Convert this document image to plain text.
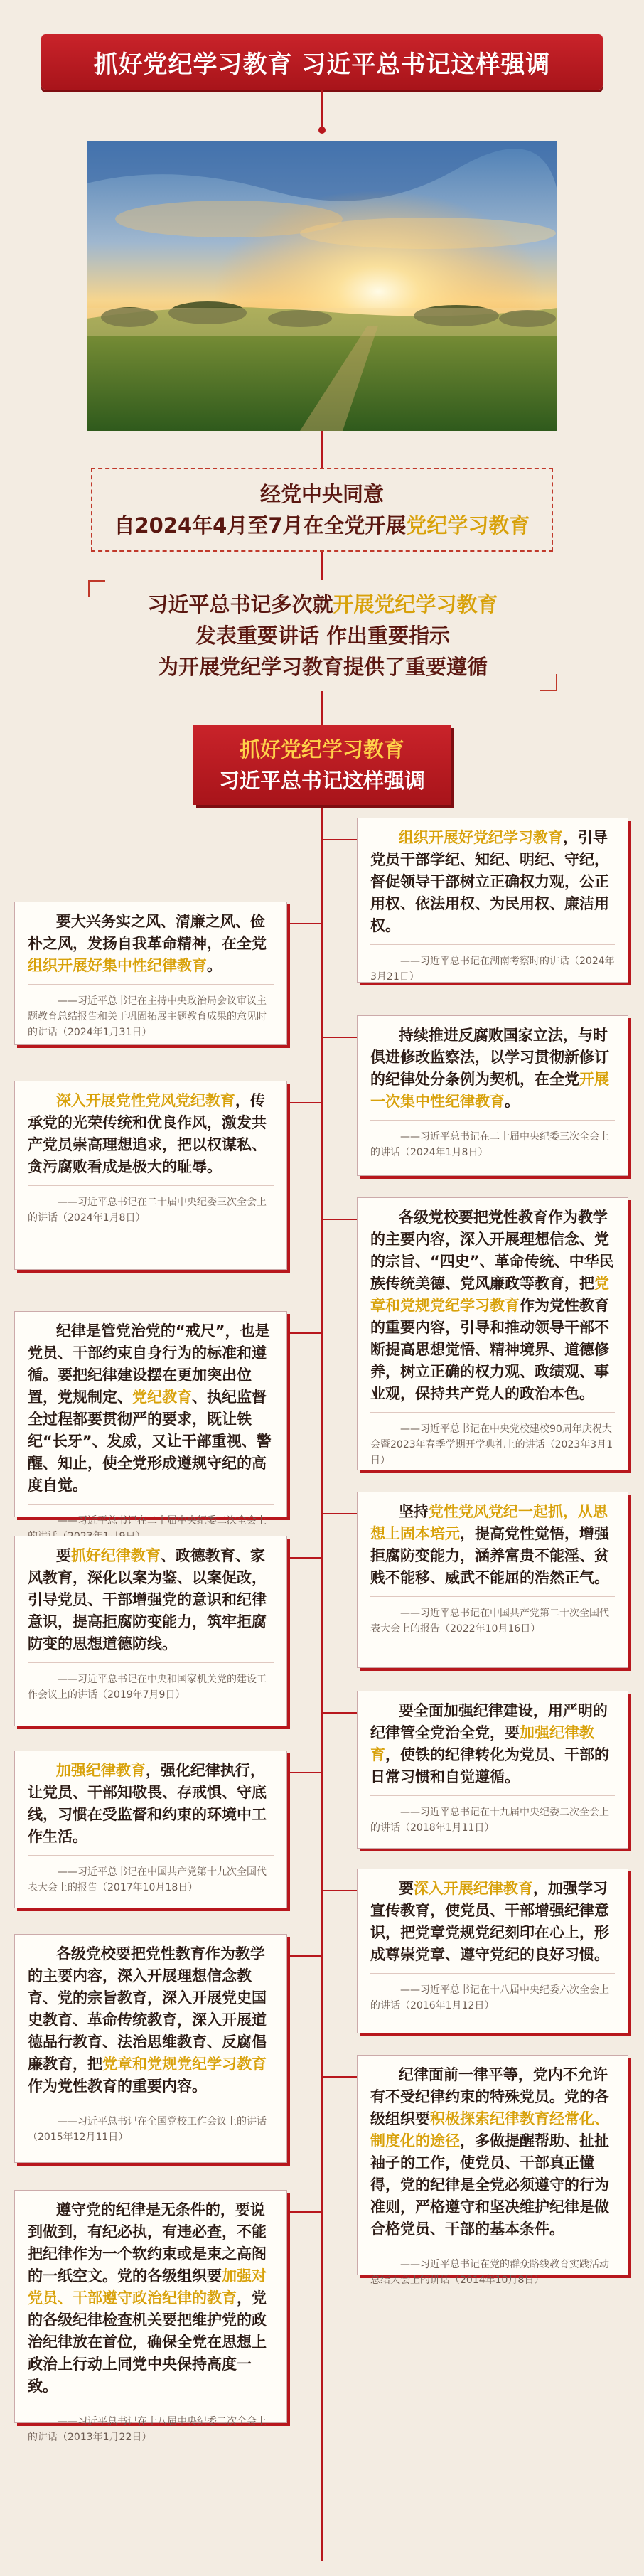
抓好党纪学习教育 习近平总书记这样强调
经党中央同意
自2024年4月至7月在全党开展党纪学习教育
习近平总书记多次就开展党纪学习教育
发表重要讲话 作出重要指示
为开展党纪学习教育提供了重要遵循
抓好党纪学习教育
习近平总书记这样强调
组织开展好党纪学习教育，引导党员干部学纪、知纪、明纪、守纪，督促领导干部树立正确权力观，公正用权、依法用权、为民用权、廉洁用权。
——习近平总书记在湖南考察时的讲话（2024年3月21日）
持续推进反腐败国家立法，与时俱进修改监察法，以学习贯彻新修订的纪律处分条例为契机，在全党开展一次集中性纪律教育。
——习近平总书记在二十届中央纪委三次全会上的讲话（2024年1月8日）
各级党校要把党性教育作为教学的主要内容，深入开展理想信念、党的宗旨、“四史”、革命传统、中华民族传统美德、党风廉政等教育，把党章和党规党纪学习教育作为党性教育的重要内容，引导和推动领导干部不断提高思想觉悟、精神境界、道德修养，树立正确的权力观、政绩观、事业观，保持共产党人的政治本色。
——习近平总书记在中央党校建校90周年庆祝大会暨2023年春季学期开学典礼上的讲话（2023年3月1日）
坚持党性党风党纪一起抓，从思想上固本培元，提高党性觉悟，增强拒腐防变能力，涵养富贵不能淫、贫贱不能移、威武不能屈的浩然正气。
——习近平总书记在中国共产党第二十次全国代表大会上的报告（2022年10月16日）
要全面加强纪律建设，用严明的纪律管全党治全党，要加强纪律教育，使铁的纪律转化为党员、干部的日常习惯和自觉遵循。
——习近平总书记在十九届中央纪委二次全会上的讲话（2018年1月11日）
要深入开展纪律教育，加强学习宣传教育，使党员、干部增强纪律意识，把党章党规党纪刻印在心上，形成尊崇党章、遵守党纪的良好习惯。
——习近平总书记在十八届中央纪委六次全会上的讲话（2016年1月12日）
纪律面前一律平等，党内不允许有不受纪律约束的特殊党员。党的各级组织要积极探索纪律教育经常化、制度化的途径，多做提醒帮助、扯扯袖子的工作，使党员、干部真正懂得，党的纪律是全党必须遵守的行为准则，严格遵守和坚决维护纪律是做合格党员、干部的基本条件。
——习近平总书记在党的群众路线教育实践活动总结大会上的讲话（2014年10月8日）
要大兴务实之风、清廉之风、俭朴之风，发扬自我革命精神，在全党组织开展好集中性纪律教育。
——习近平总书记在主持中央政治局会议审议主题教育总结报告和关于巩固拓展主题教育成果的意见时的讲话（2024年1月31日）
深入开展党性党风党纪教育，传承党的光荣传统和优良作风，激发共产党员崇高理想追求，把以权谋私、贪污腐败看成是极大的耻辱。
——习近平总书记在二十届中央纪委三次全会上的讲话（2024年1月8日）
纪律是管党治党的“戒尺”，也是党员、干部约束自身行为的标准和遵循。要把纪律建设摆在更加突出位置，党规制定、党纪教育、执纪监督全过程都要贯彻严的要求，既让铁纪“长牙”、发威，又让干部重视、警醒、知止，使全党形成遵规守纪的高度自觉。
——习近平总书记在二十届中央纪委二次全会上
要抓好纪律教育、政德教育、家风教育，深化以案为鉴、以案促改，引导党员、干部增强党的意识和纪律意识，提高拒腐防变能力，筑牢拒腐防变的思想道德防线。
——习近平总书记在中央和国家机关党的建设工作会议上的讲话（2019年7月9日）
加强纪律教育，强化纪律执行，让党员、干部知敬畏、存戒惧、守底线，习惯在受监督和约束的环境中工作生活。
——习近平总书记在中国共产党第十九次全国代表大会上的报告（2017年10月18日）
各级党校要把党性教育作为教学的主要内容，深入开展理想信念教育、党的宗旨教育，深入开展党史国史教育、革命传统教育，深入开展道德品行教育、法治思维教育、反腐倡廉教育，把党章和党规党纪学习教育作为党性教育的重要内容。
——习近平总书记在全国党校工作会议上的讲话（2015年12月11日）
遵守党的纪律是无条件的，要说到做到，有纪必执，有违必查，不能把纪律作为一个软约束或是束之高阁的一纸空文。党的各级组织要加强对党员、干部遵守政治纪律的教育，党的各级纪律检查机关要把维护党的政治纪律放在首位，确保全党在思想上政治上行动上同党中央保持高度一致。
——习近平总书记在十八届中央纪委二次全会上的讲话（2013年1月22日）
